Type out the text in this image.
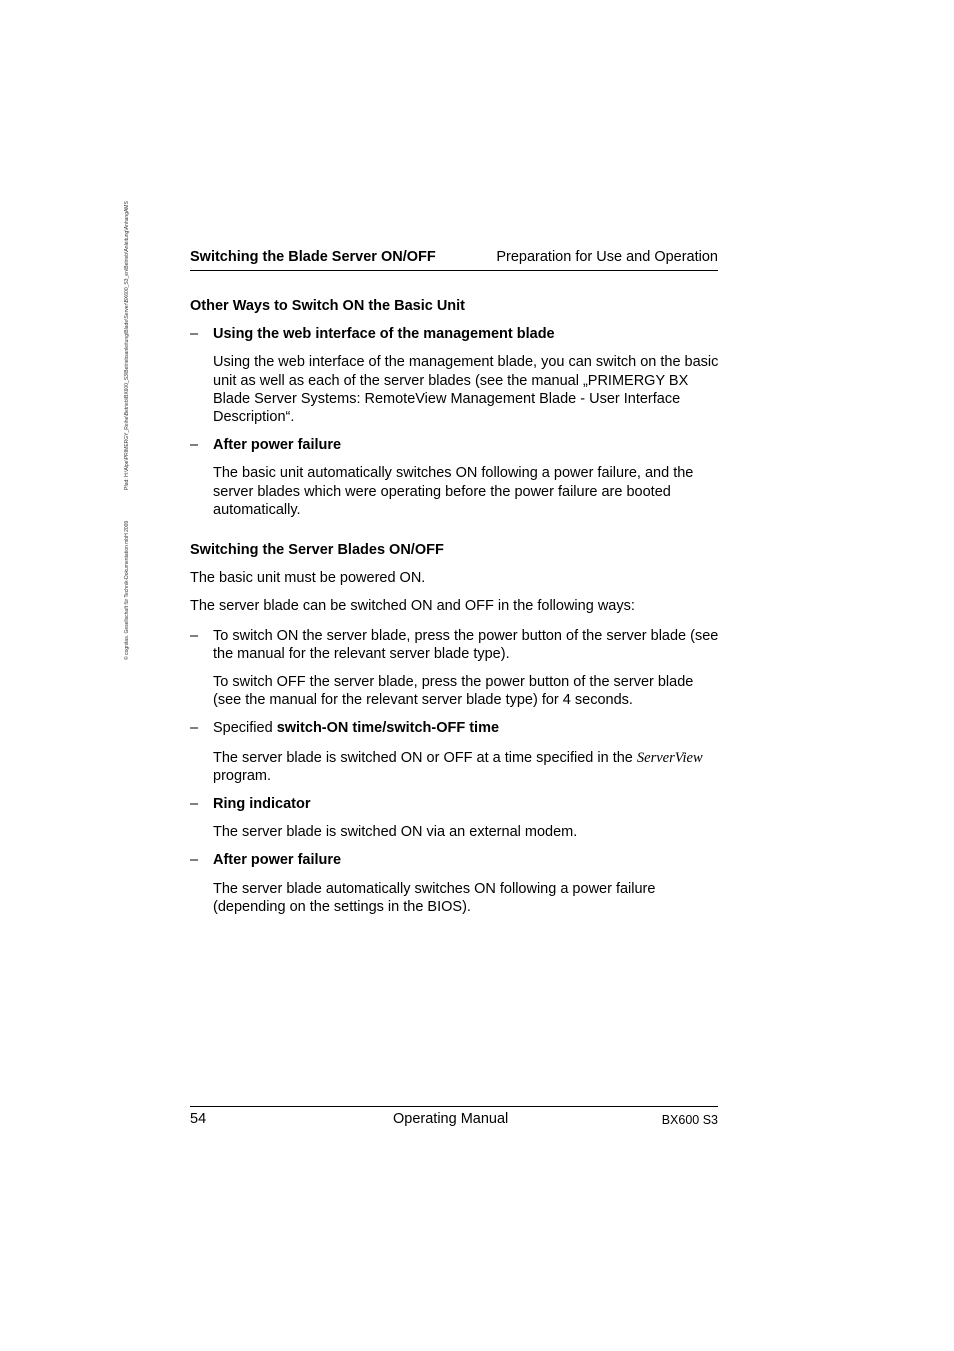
© cognitas. Gesellschaft für Technik-Dokumentation mbH 2009
Pfad: H:\Alpe\PRIMERGY_Reihe\Betrieb\BX600_S3\Betriebsanleitung\Blade\Server\BX600_S3_en\Betrieb\Anleitung\AnhangAMS	Switching the Blade Server ON/OFF	Preparation for Use and Operation
Other Ways to Switch ON the Basic Unit
– Using the web interface of the management blade

Using the web interface of the management blade, you can switch on the basic unit as well as each of the server blades (see the manual „PRIMERGY BX Blade Server Systems: RemoteView Management Blade - User Interface Description“.

– After power failure

The basic unit automatically switches ON following a power failure, and the server blades which were operating before the power failure are booted automatically.

Switching the Server Blades ON/OFF

The basic unit must be powered ON.

The server blade can be switched ON and OFF in the following ways:

– To switch ON the server blade, press the power button of the server blade (see the manual for the relevant server blade type).

To switch OFF the server blade, press the power button of the server blade (see the manual for the relevant server blade type) for 4 seconds.

– Specified switch-ON time/switch-OFF time

The server blade is switched ON or OFF at a time specified in the ServerView
program.

– Ring indicator

The server blade is switched ON via an external modem.

– After power failure

The server blade automatically switches ON following a power failure (depending on the settings in the BIOS).

54	Operating Manual	BX600 S3
